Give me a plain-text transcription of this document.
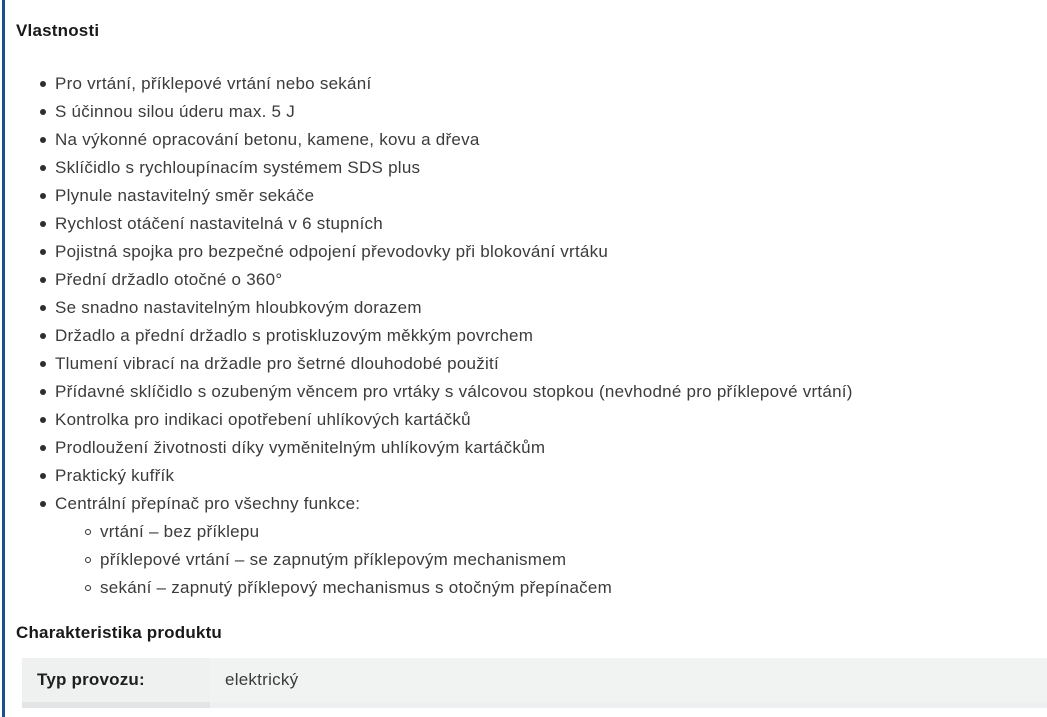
Vlastnosti
Pro vrtání, příklepové vrtání nebo sekání
S účinnou silou úderu max. 5 J
Na výkonné opracování betonu, kamene, kovu a dřeva
Sklíčidlo s rychloupínacím systémem SDS plus
Plynule nastavitelný směr sekáče
Rychlost otáčení nastavitelná v 6 stupních
Pojistná spojka pro bezpečné odpojení převodovky při blokování vrtáku
Přední držadlo otočné o 360°
Se snadno nastavitelným hloubkovým dorazem
Držadlo a přední držadlo s protiskluzovým měkkým povrchem
Tlumení vibrací na držadle pro šetrné dlouhodobé použití
Přídavné sklíčidlo s ozubeným věncem pro vrtáky s válcovou stopkou (nevhodné pro příklepové vrtání)
Kontrolka pro indikaci opotřebení uhlíkových kartáčků
Prodloužení životnosti díky vyměnitelným uhlíkovým kartáčkům
Praktický kufřík
Centrální přepínač pro všechny funkce:
vrtání – bez příklepu
příklepové vrtání – se zapnutým příklepovým mechanismem
sekání – zapnutý příklepový mechanismus s otočným přepínačem
Charakteristika produktu
Typ provozu:	elektrický
